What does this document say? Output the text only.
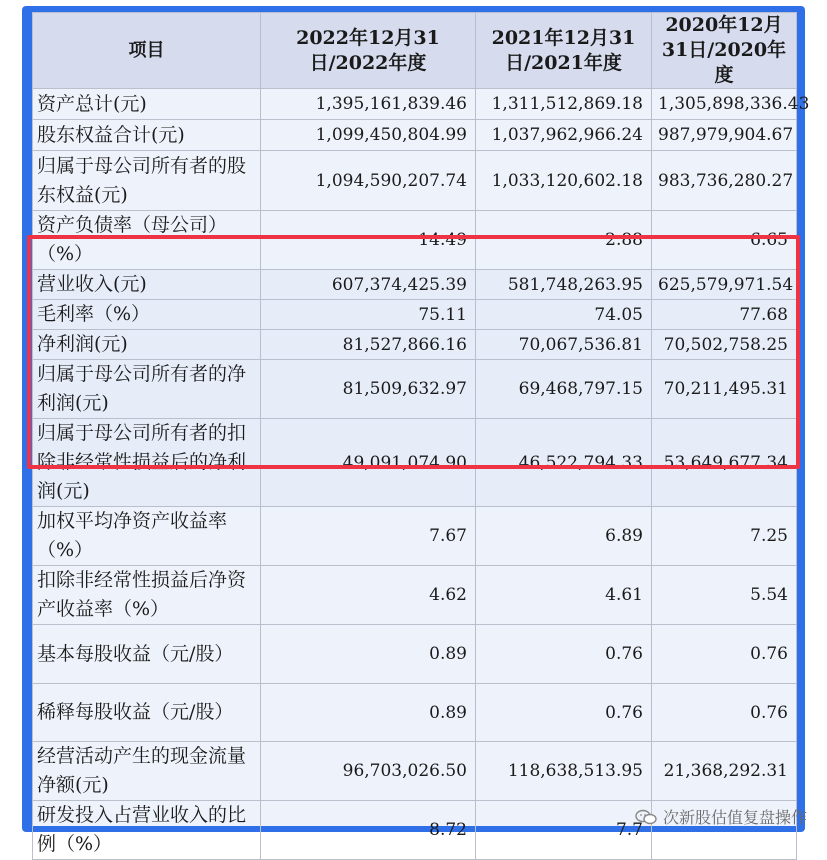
项目	2022年12月31日/2022年度	2021年12月31日/2021年度	2020年12月31日/2020年度
资产总计(元)	1,395,161,839.46	1,311,512,869.18	1,305,898,336.43
股东权益合计(元)	1,099,450,804.99	1,037,962,966.24	987,979,904.67
归属于母公司所有者的股东权益(元)	1,094,590,207.74	1,033,120,602.18	983,736,280.27
资产负债率（母公司）（%）	14.49	2.88	6.65
营业收入(元)	607,374,425.39	581,748,263.95	625,579,971.54
毛利率（%）	75.11	74.05	77.68
净利润(元)	81,527,866.16	70,067,536.81	70,502,758.25
归属于母公司所有者的净利润(元)	81,509,632.97	69,468,797.15	70,211,495.31
归属于母公司所有者的扣除非经常性损益后的净利润(元)	49,091,074.90	46,522,794.33	53,649,677.34
加权平均净资产收益率（%）	7.67	6.89	7.25
扣除非经常性损益后净资产收益率（%）	4.62	4.61	5.54
基本每股收益（元/股）	0.89	0.76	0.76
稀释每股收益（元/股）	0.89	0.76	0.76
经营活动产生的现金流量净额(元)	96,703,026.50	118,638,513.95	21,368,292.31
研发投入占营业收入的比例（%）	8.72	7.7	
次新股估值复盘操作
